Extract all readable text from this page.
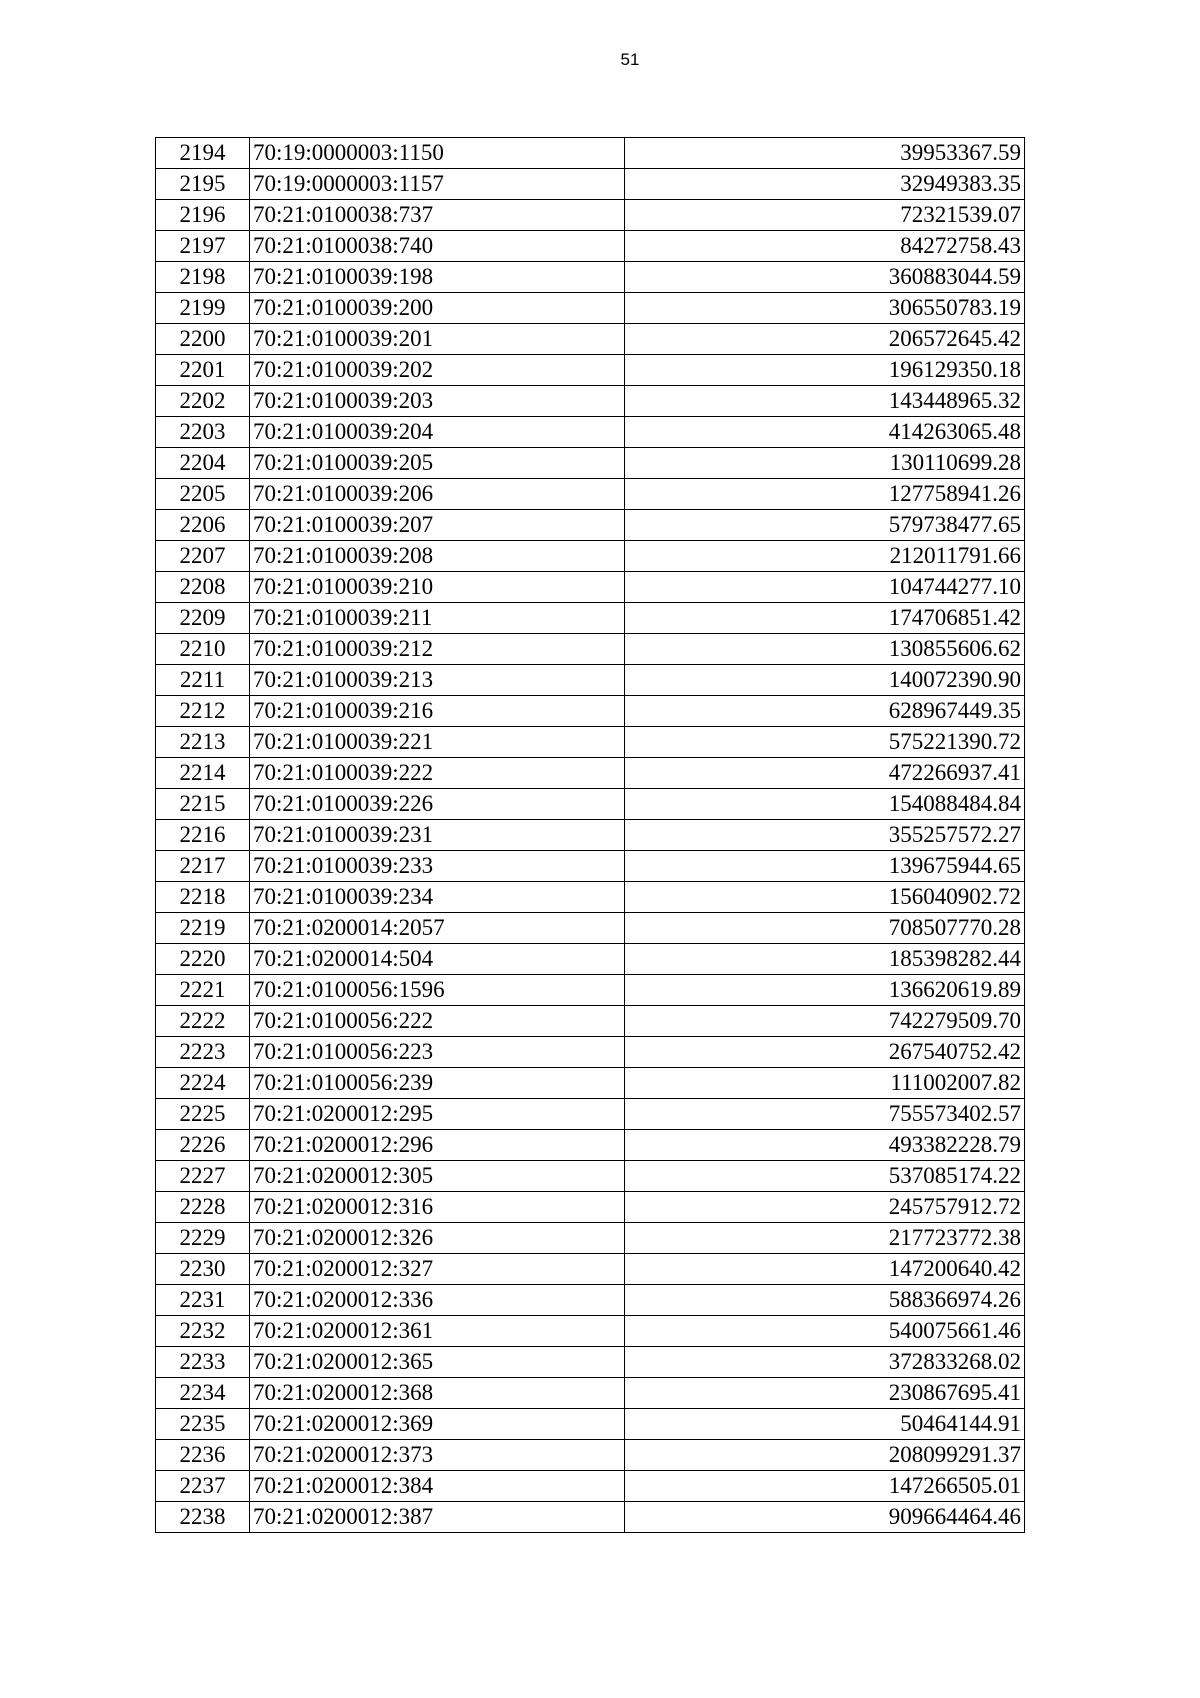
51
2194	70:19:0000003:1150	39953367.59
2195	70:19:0000003:1157	32949383.35
2196	70:21:0100038:737	72321539.07
2197	70:21:0100038:740	84272758.43
2198	70:21:0100039:198	360883044.59
2199	70:21:0100039:200	306550783.19
2200	70:21:0100039:201	206572645.42
2201	70:21:0100039:202	196129350.18
2202	70:21:0100039:203	143448965.32
2203	70:21:0100039:204	414263065.48
2204	70:21:0100039:205	130110699.28
2205	70:21:0100039:206	127758941.26
2206	70:21:0100039:207	579738477.65
2207	70:21:0100039:208	212011791.66
2208	70:21:0100039:210	104744277.10
2209	70:21:0100039:211	174706851.42
2210	70:21:0100039:212	130855606.62
2211	70:21:0100039:213	140072390.90
2212	70:21:0100039:216	628967449.35
2213	70:21:0100039:221	575221390.72
2214	70:21:0100039:222	472266937.41
2215	70:21:0100039:226	154088484.84
2216	70:21:0100039:231	355257572.27
2217	70:21:0100039:233	139675944.65
2218	70:21:0100039:234	156040902.72
2219	70:21:0200014:2057	708507770.28
2220	70:21:0200014:504	185398282.44
2221	70:21:0100056:1596	136620619.89
2222	70:21:0100056:222	742279509.70
2223	70:21:0100056:223	267540752.42
2224	70:21:0100056:239	111002007.82
2225	70:21:0200012:295	755573402.57
2226	70:21:0200012:296	493382228.79
2227	70:21:0200012:305	537085174.22
2228	70:21:0200012:316	245757912.72
2229	70:21:0200012:326	217723772.38
2230	70:21:0200012:327	147200640.42
2231	70:21:0200012:336	588366974.26
2232	70:21:0200012:361	540075661.46
2233	70:21:0200012:365	372833268.02
2234	70:21:0200012:368	230867695.41
2235	70:21:0200012:369	50464144.91
2236	70:21:0200012:373	208099291.37
2237	70:21:0200012:384	147266505.01
2238	70:21:0200012:387	909664464.46
